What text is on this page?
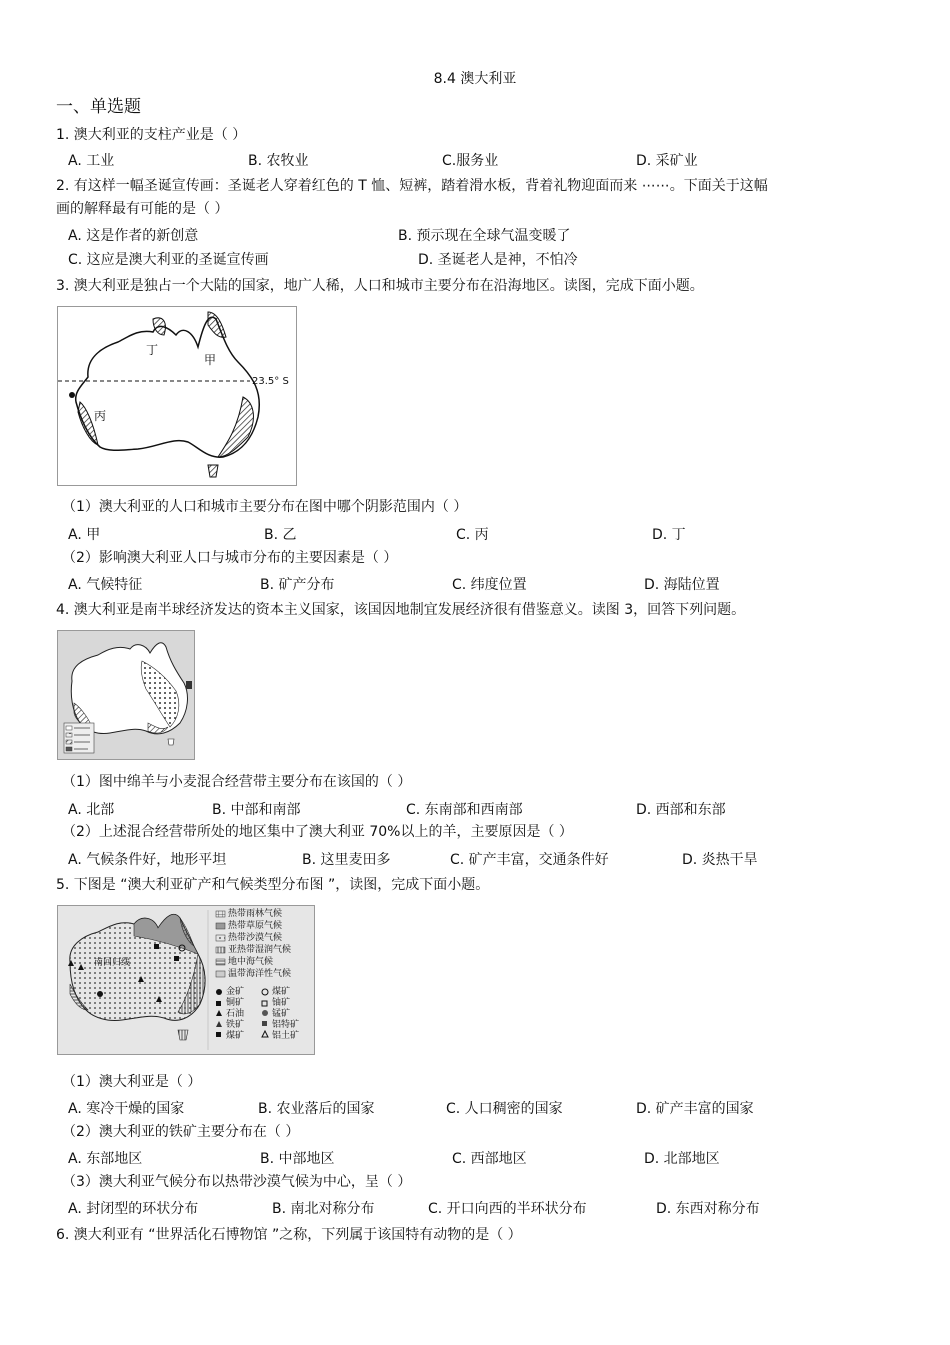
8.4 澳大利亚
一、单选题
1. 澳大利亚的支柱产业是（ ）
A. 工业	B. 农牧业	C.服务业	D. 采矿业
2. 有这样一幅圣诞宣传画：圣诞老人穿着红色的 T 恤、短裤，踏着滑水板，背着礼物迎面而来 ⋯⋯。下面关于这幅
画的解释最有可能的是（ ）
A. 这是作者的新创意	B. 预示现在全球气温变暖了
C. 这应是澳大利亚的圣诞宣传画	D. 圣诞老人是神，不怕冷
3. 澳大利亚是独占一个大陆的国家，地广人稀，人口和城市主要分布在沿海地区。读图，完成下面小题。
丁
甲
23.5° S
丙
（1）澳大利亚的人口和城市主要分布在图中哪个阴影范围内（ ）
A. 甲	B. 乙	C. 丙	D. 丁
（2）影响澳大利亚人口与城市分布的主要因素是（ ）
A. 气候特征	B. 矿产分布	C. 纬度位置	D. 海陆位置
4. 澳大利亚是南半球经济发达的资本主义国家，该国因地制宜发展经济很有借鉴意义。读图 3，回答下列问题。
（1）图中绵羊与小麦混合经营带主要分布在该国的（ ）
A. 北部	B. 中部和南部	C. 东南部和西南部	D. 西部和东部
（2）上述混合经营带所处的地区集中了澳大利亚 70%以上的羊，主要原因是（ ）
A. 气候条件好，地形平坦	B. 这里麦田多	C. 矿产丰富，交通条件好	D. 炎热干旱
5. 下图是 “澳大利亚矿产和气候类型分布图 ”，读图，完成下面小题。
南回归线
热带雨林气候
热带草原气候
热带沙漠气候
亚热带湿润气候
地中海气候
温带海洋性气候
金矿
铜矿
石油
铁矿
煤矿
煤矿
铀矿
锰矿
铝特矿
铝土矿
（1）澳大利亚是（ ）
A. 寒冷干燥的国家	B. 农业落后的国家	C. 人口稠密的国家	D. 矿产丰富的国家
（2）澳大利亚的铁矿主要分布在（ ）
A. 东部地区	B. 中部地区	C. 西部地区	D. 北部地区
（3）澳大利亚气候分布以热带沙漠气候为中心，呈（ ）
A. 封闭型的环状分布	B. 南北对称分布	C. 开口向西的半环状分布	D. 东西对称分布
6. 澳大利亚有 “世界活化石博物馆 ”之称，下列属于该国特有动物的是（ ）
